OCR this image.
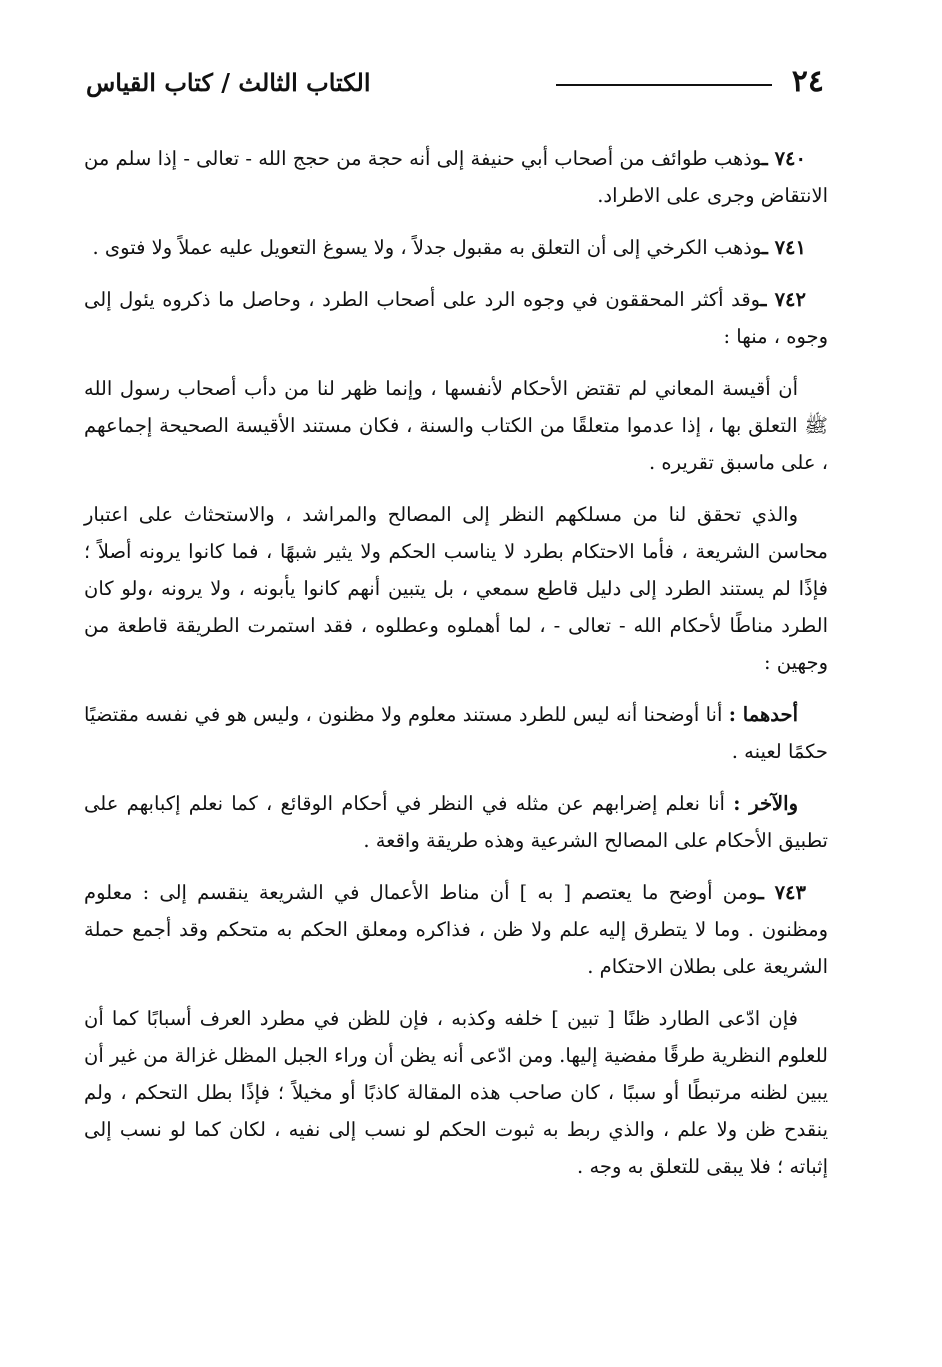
٢٤
الكتاب الثالث / كتاب القياس

٧٤٠ ـوذهب طوائف من أصحاب أبي حنيفة إلى أنه حجة من حجج الله - تعالى - إذا سلم من الانتقاض وجرى على الاطراد.

٧٤١ ـوذهب الكرخي إلى أن التعلق به مقبول جدلاً ، ولا يسوغ التعويل عليه عملاً ولا فتوى .

٧٤٢ ـوقد أكثر المحققون في وجوه الرد على أصحاب الطرد ، وحاصل ما ذكروه يئول إلى وجوه ، منها :

أن أقيسة المعاني لم تقتض الأحكام لأنفسها ، وإنما ظهر لنا من دأب أصحاب رسول الله ﷺ التعلق بها ، إذا عدموا متعلقًا من الكتاب والسنة ، فكان مستند الأقيسة الصحيحة إجماعهم ، على ماسبق تقريره .

والذي تحقق لنا من مسلكهم النظر إلى المصالح والمراشد ، والاستحثاث على اعتبار محاسن الشريعة ، فأما الاحتكام بطرد لا يناسب الحكم ولا يثير شبهًا ، فما كانوا يرونه أصلاً ؛ فإذًا لم يستند الطرد إلى دليل قاطع سمعي ، بل يتبين أنهم كانوا يأبونه ، ولا يرونه ،ولو كان الطرد مناطًا لأحكام الله - تعالى - ، لما أهملوه وعطلوه ، فقد استمرت الطريقة قاطعة من وجهين :

أحدهما : أنا أوضحنا أنه ليس للطرد مستند معلوم ولا مظنون ، وليس هو في نفسه مقتضيًا حكمًا لعينه .

والآخر : أنا نعلم إضرابهم عن مثله في النظر في أحكام الوقائع ، كما نعلم إكبابهم على تطبيق الأحكام على المصالح الشرعية وهذه طريقة واقعة .

٧٤٣ ـومن أوضح ما يعتصم [ به ] أن مناط الأعمال في الشريعة ينقسم إلى : معلوم ومظنون . وما لا يتطرق إليه علم ولا ظن ، فذاكره ومعلق الحكم به متحكم وقد أجمع حملة الشريعة على بطلان الاحتكام .

فإن ادّعى الطارد ظنًا [ تبين ] خلفه وكذبه ، فإن للظن في مطرد العرف أسبابًا كما أن للعلوم النظرية طرقًا مفضية إليها. ومن ادّعى أنه يظن أن وراء الجبل المظل غزالة من غير أن يبين لظنه مرتبطًا أو سببًا ، كان صاحب هذه المقالة كاذبًا أو مخيلاً ؛ فإذًا بطل التحكم ، ولم ينقدح ظن ولا علم ، والذي ربط به ثبوت الحكم لو نسب إلى نفيه ، لكان كما لو نسب إلى إثباته ؛ فلا يبقى للتعلق به وجه .
